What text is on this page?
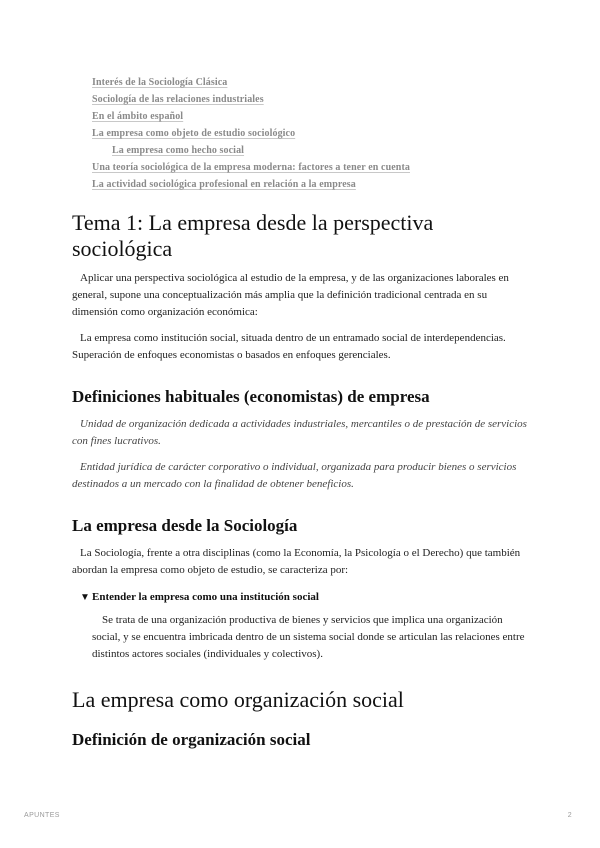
Interés de la Sociología Clásica
Sociología de las relaciones industriales
En el ámbito español
La empresa como objeto de estudio sociológico
La empresa como hecho social
Una teoría sociológica de la empresa moderna: factores a tener en cuenta
La actividad sociológica profesional en relación a la empresa
Tema 1: La empresa desde la perspectiva sociológica

Aplicar una perspectiva sociológica al estudio de la empresa, y de las organizaciones laborales en general, supone una conceptualización más amplia que la definición tradicional centrada en su dimensión como organización económica:

La empresa como institución social, situada dentro de un entramado social de interdependencias. Superación de enfoques economistas o basados en enfoques gerenciales.

Definiciones habituales (economistas) de empresa

Unidad de organización dedicada a actividades industriales, mercantiles o de prestación de servicios con fines lucrativos.

Entidad jurídica de carácter corporativo o individual, organizada para producir bienes o servicios destinados a un mercado con la finalidad de obtener beneficios.

La empresa desde la Sociología

La Sociología, frente a otra disciplinas (como la Economía, la Psicología o el Derecho) que también abordan la empresa como objeto de estudio, se caracteriza por:

▼ Entender la empresa como una institución social

Se trata de una organización productiva de bienes y servicios que implica una organización social, y se encuentra imbricada dentro de un sistema social donde se articulan las relaciones entre distintos actores sociales (individuales y colectivos).

La empresa como organización social
Definición de organización social
APUNTES	2
